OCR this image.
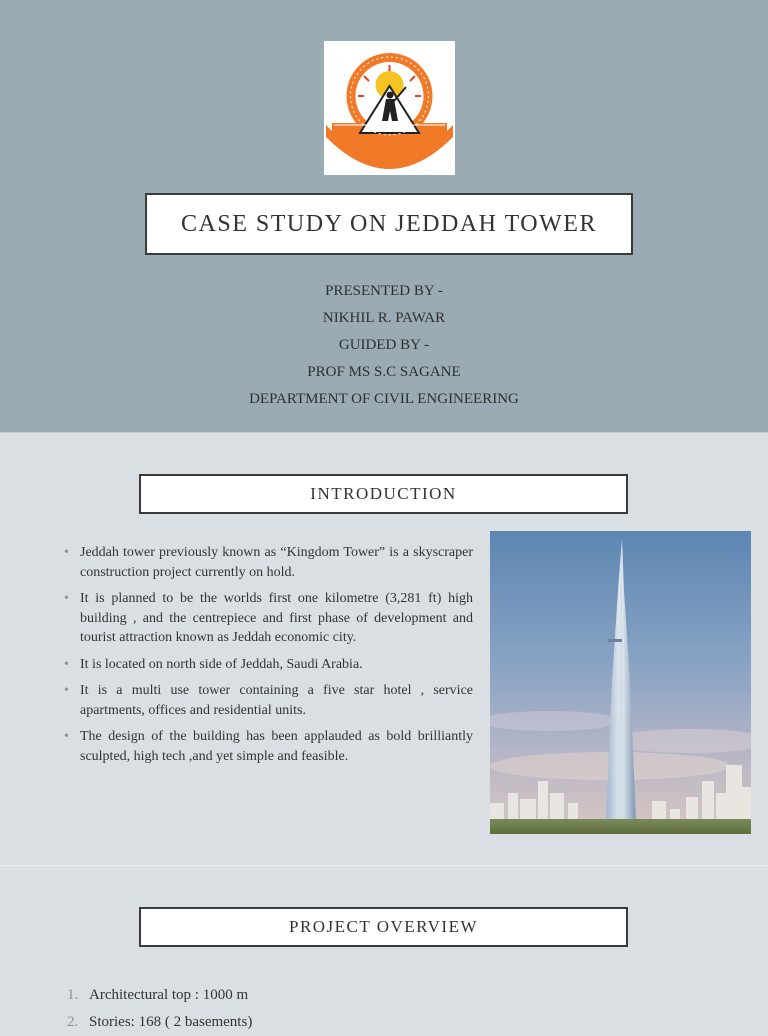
CASE STUDY ON JEDDAH TOWER
PRESENTED BY -
NIKHIL R. PAWAR
GUIDED BY -
PROF MS S.C SAGANE
DEPARTMENT OF CIVIL ENGINEERING
INTRODUCTION
• Jeddah tower previously known as “Kingdom Tower” is a skyscraper construction project currently on hold.
• It is planned to be the worlds first one kilometre (3,281 ft) high building , and the centrepiece and first phase of development and tourist attraction known as Jeddah economic city.
• It is located on north side of Jeddah, Saudi Arabia.
• It is a multi use tower containing a five star hotel , service apartments, offices and residential units.
• The design of the building has been applauded as bold brilliantly sculpted, high tech ,and yet simple and feasible.
PROJECT OVERVIEW
1. Architectural top : 1000 m
2. Stories: 168 ( 2 basements)
